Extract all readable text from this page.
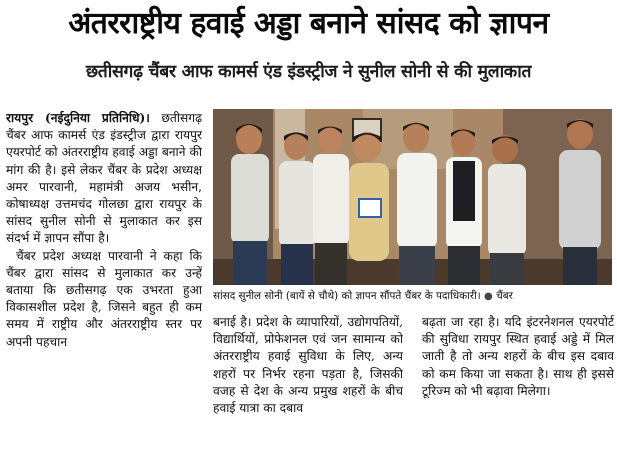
अंतरराष्ट्रीय हवाई अड्डा बनाने सांसद को ज्ञापन
छतीसगढ़ चैंबर आफ कामर्स एंड इंडस्ट्रीज ने सुनील सोनी से की मुलाकात

रायपुर (नईदुनिया प्रतिनिधि)। छतीसगढ़ चैंबर आफ कामर्स एंड इंडस्ट्रीज द्वारा रायपुर एयरपोर्ट को अंतरराष्ट्रीय हवाई अड्डा बनाने की मांग की है। इसे लेकर चैंबर के प्रदेश अध्यक्ष अमर पारवानी, महामंत्री अजय भसीन, कोषाध्यक्ष उत्तमचंद गोलछा द्वारा रायपुर के सांसद सुनील सोनी से मुलाकात कर इस संदर्भ में ज्ञापन सौंपा है।

चैंबर प्रदेश अध्यक्ष पारवानी ने कहा कि चैंबर द्वारा सांसद से मुलाकात कर उन्हें बताया कि छतीसगढ़ एक उभरता हुआ विकासशील प्रदेश है, जिसने बहुत ही कम समय में राष्ट्रीय और अंतरराष्ट्रीय स्तर पर अपनी पहचान

सांसद सुनील सोनी (बायें से चौथे) को ज्ञापन सौंपते चैंबर के पदाधिकारी। ● चैंबर

बनाई है। प्रदेश के व्यापारियों, उद्योगपतियों, विद्यार्थियों, प्रोफेशनल एवं जन सामान्य को अंतरराष्ट्रीय हवाई सुविधा के लिए, अन्य शहरों पर निर्भर रहना पड़ता है, जिसकी वजह से देश के अन्य प्रमुख शहरों के बीच हवाई यात्रा का दबाव

बढ़ता जा रहा है। यदि इंटरनेशनल एयरपोर्ट की सुविधा रायपुर स्थित हवाई अड्डे में मिल जाती है तो अन्य शहरों के बीच इस दबाव को कम किया जा सकता है। साथ ही इससे टूरिज्म को भी बढ़ावा मिलेगा।
